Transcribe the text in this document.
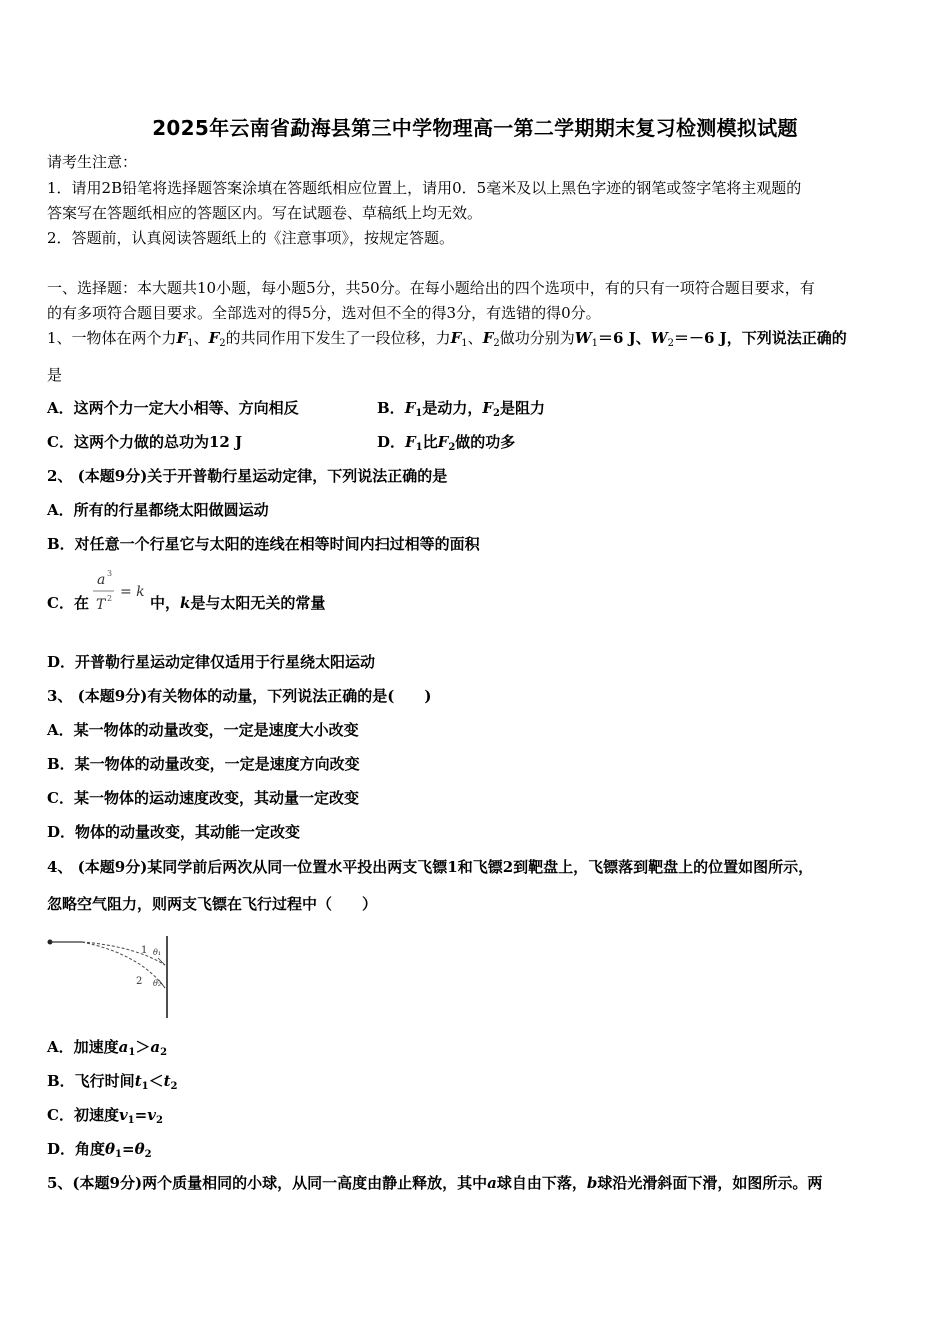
2025年云南省勐海县第三中学物理高一第二学期期末复习检测模拟试题
请考生注意：
1．请用2B铅笔将选择题答案涂填在答题纸相应位置上，请用0．5毫米及以上黑色字迹的钢笔或签字笔将主观题的
答案写在答题纸相应的答题区内。写在试题卷、草稿纸上均无效。
2．答题前，认真阅读答题纸上的《注意事项》，按规定答题。
一、选择题：本大题共10小题，每小题5分，共50分。在每小题给出的四个选项中，有的只有一项符合题目要求，有
的有多项符合题目要求。全部选对的得5分，选对但不全的得3分，有选错的得0分。
1、一物体在两个力$F_1$、$F_2$的共同作用下发生了一段位移，力$F_1$、$F_2$做功分别为$W_1=6$ J、$W_2=-6$ J，下列说法正确的
是
A．这两个力一定大小相等、方向相反	B．$F_1$是动力，$F_2$是阻力
C．这两个力做的总功为12 J	D．$F_1$比$F_2$做的功多
2、 (本题9分)关于开普勒行星运动定律，下列说法正确的是
A．所有的行星都绕太阳做圆运动
B．对任意一个行星它与太阳的连线在相等时间内扫过相等的面积
C．在
a 3
T 2 = k
中，k是与太阳无关的常量
D．开普勒行星运动定律仅适用于行星绕太阳运动
3、 (本题9分)有关物体的动量，下列说法正确的是(　　)
A．某一物体的动量改变，一定是速度大小改变
B．某一物体的动量改变，一定是速度方向改变
C．某一物体的运动速度改变，其动量一定改变
D．物体的动量改变，其动能一定改变
4、 (本题9分)某同学前后两次从同一位置水平投出两支飞镖1和飞镖2到靶盘上，飞镖落到靶盘上的位置如图所示，
忽略空气阻力，则两支飞镖在飞行过程中（　　）
1
2
θ₁
θ₂
A．加速度$a_1>a_2$
B．飞行时间$t_1<t_2$
C．初速度$v_1=v_2$
D．角度$\theta_1=\theta_2$
5、(本题9分)两个质量相同的小球，从同一高度由静止释放，其中a球自由下落，b球沿光滑斜面下滑，如图所示。两
